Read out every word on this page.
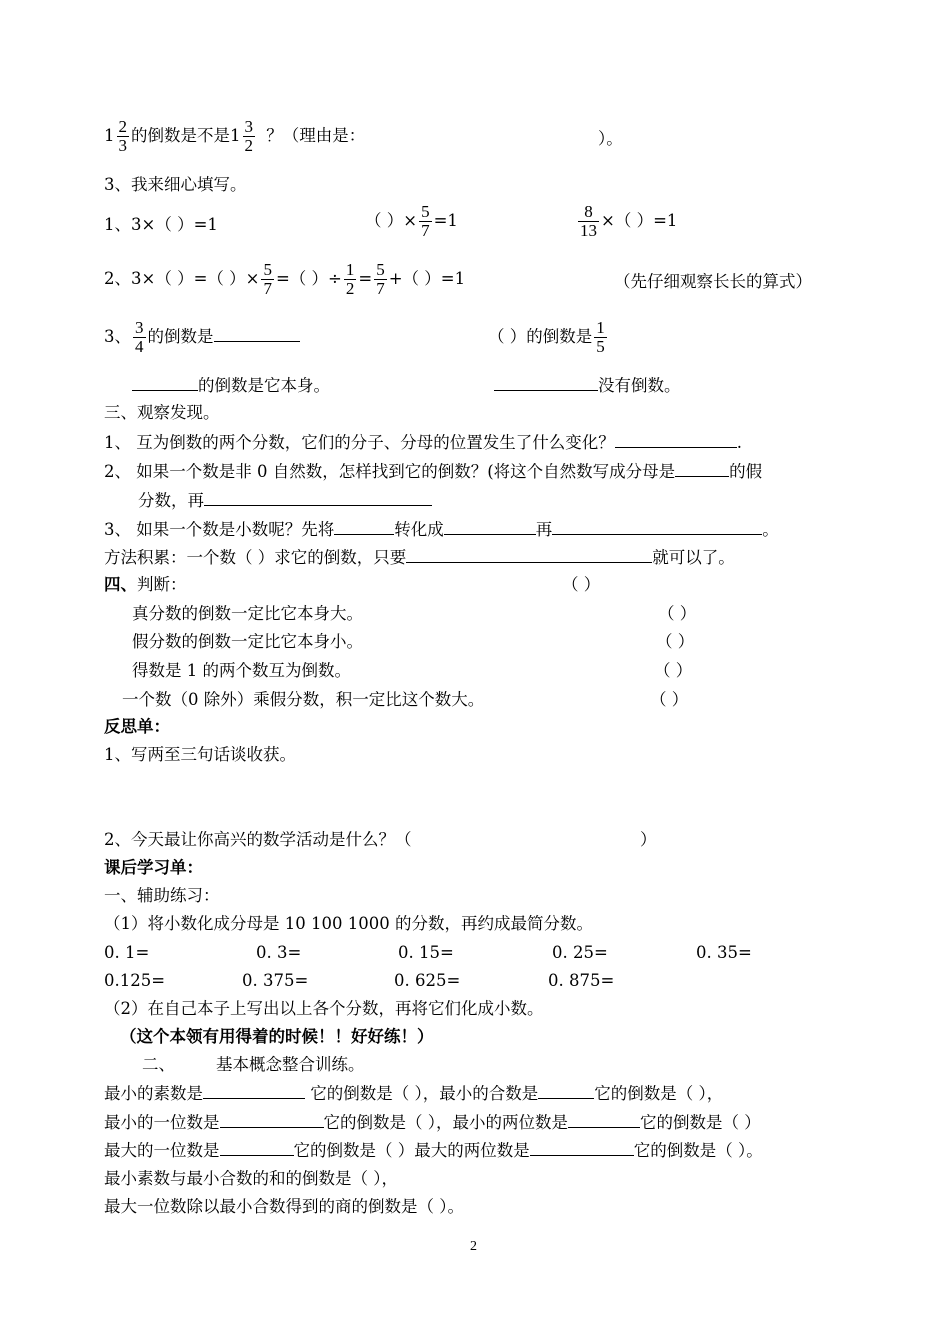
$1 \frac{2}{3}$ 的倒数是不是$1 \frac{3}{2}$ ？（理由是：	）。
3、我来细心填写。
1、3×（ ）=1	（ ）× $\frac{5}{7} =1$	$\frac{8}{13}$ ×（ ）=1
2、3×（ ）=（ ）× $\frac{5}{7}$ =（ ）÷ $\frac{1}{2} = \frac{5}{7}$ +（ ）=1	（先仔细观察长长的算式）
3、 $\frac{3}{4}$ 的倒数是	（ ）的倒数是 $\frac{1}{5}$
的倒数是它本身。	没有倒数。
三、观察发现。
1、 互为倒数的两个分数，它们的分子、分母的位置发生了什么变化？	.
2、 如果一个数是非 0 自然数，怎样找到它的倒数？(将这个自然数写成分母是	的假
分数，再
3、 如果一个数是小数呢？先将	转化成	再	。
方法积累：一个数（ ）求它的倒数，只要	就可以了。
四、判断：	（ ）
真分数的倒数一定比它本身大。	（ ）
假分数的倒数一定比它本身小。	（ ）
得数是 1 的两个数互为倒数。	（ ）
一个数（0 除外）乘假分数，积一定比这个数大。	（ ）
反思单：
1、写两至三句话谈收获。
2、今天最让你高兴的数学活动是什么？（	）
课后学习单：
一、辅助练习：
（1）将小数化成分母是 10 100 1000 的分数，再约成最简分数。
0. 1=	0. 3=	0. 15=	0. 25=	0. 35=
0.125=	0. 375=	0. 625=	0. 875=
（2）在自己本子上写出以上各个分数，再将它们化成小数。
（这个本领有用得着的时候！！好好练！）
二、 基本概念整合训练。
最小的素数是	它的倒数是（ ），最小的合数是	它的倒数是（ ），
最小的一位数是	它的倒数是（ ），最小的两位数是	它的倒数是（ ）
最大的一位数是	它的倒数是（ ）最大的两位数是	它的倒数是（ ）。
最小素数与最小合数的和的倒数是（ ），
最大一位数除以最小合数得到的商的倒数是（ ）。
2
